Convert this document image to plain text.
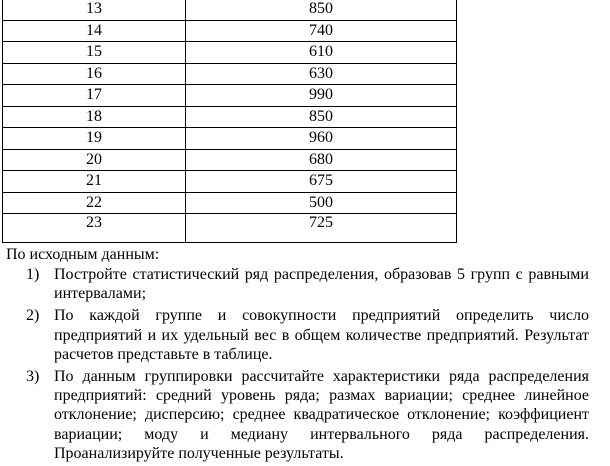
13	850
14	740
15	610
16	630
17	990
18	850
19	960
20	680
21	675
22	500
23	725
По исходным данным:
1) Постройте статистический ряд распределения, образовав 5 групп с равными интервалами;
2) По каждой группе и совокупности предприятий определить число предприятий и их удельный вес в общем количестве предприятий. Результат расчетов представьте в таблице.
3) По данным группировки рассчитайте характеристики ряда распределения предприятий: средний уровень ряда; размах вариации; среднее линейное отклонение; дисперсию; среднее квадратическое отклонение; коэффициент вариации; моду и медиану интервального ряда распределения. Проанализируйте полученные результаты.
